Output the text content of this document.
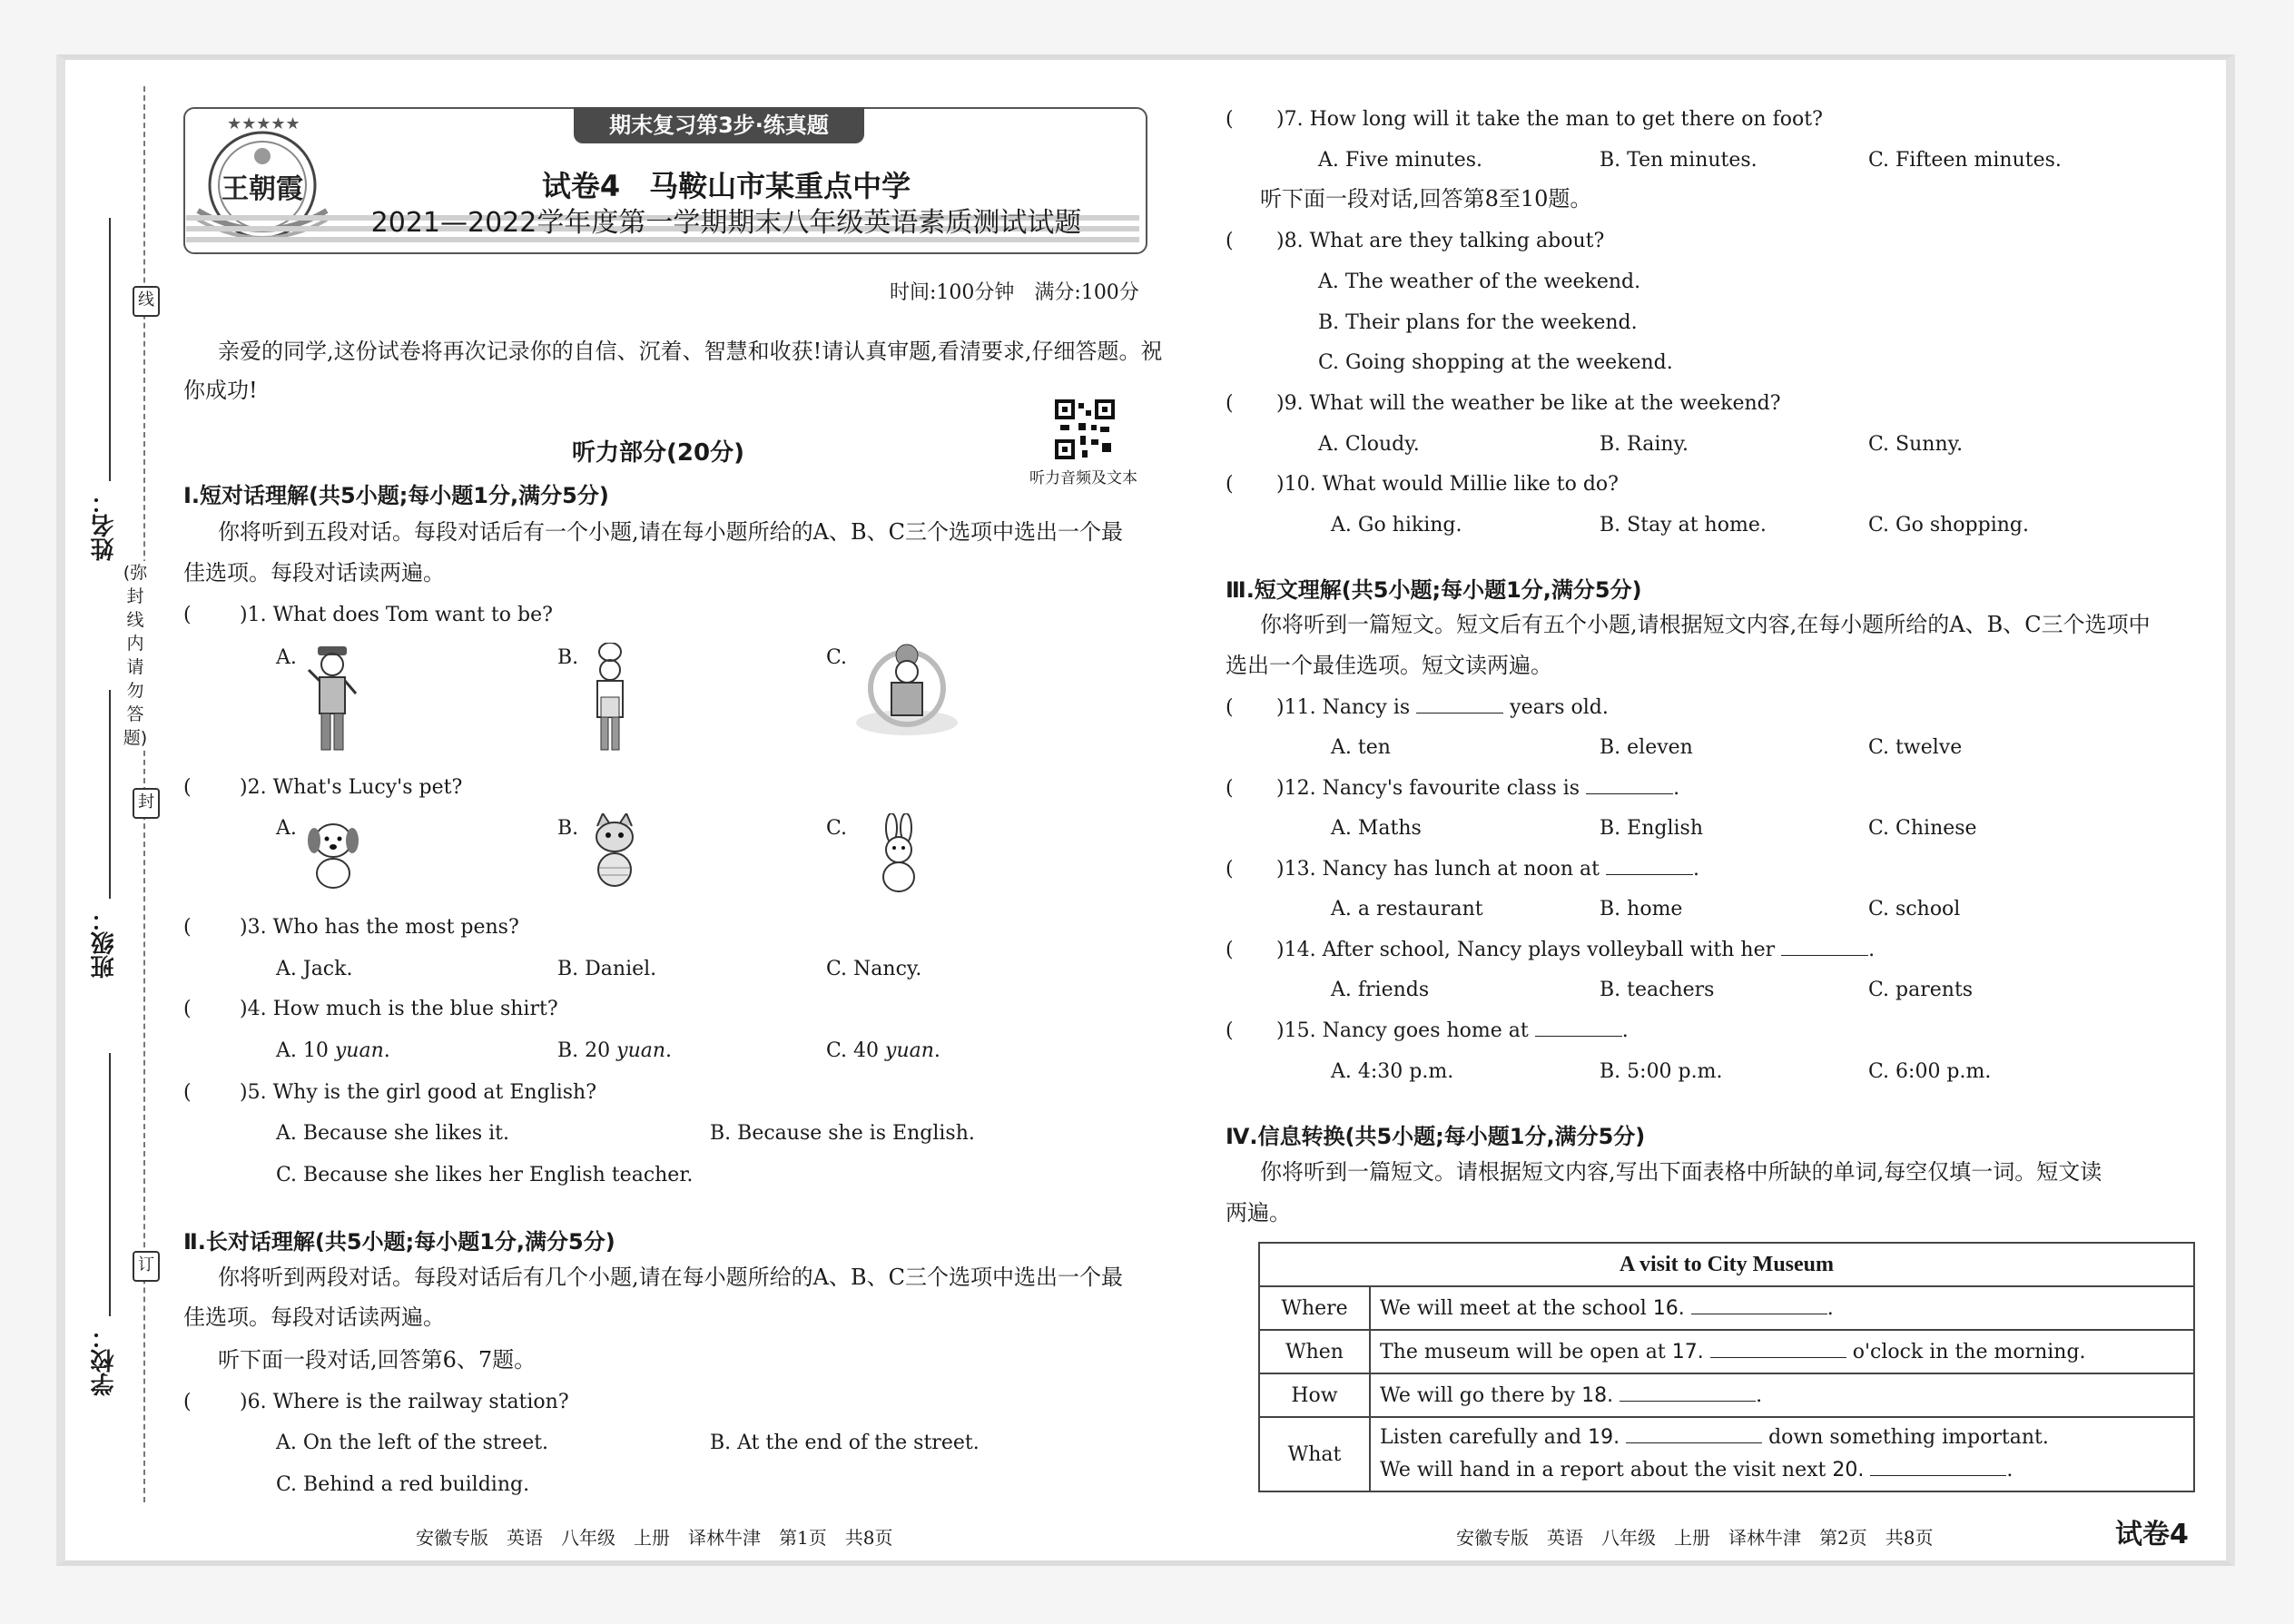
姓名：
班级：
学校：
线
封
订
(弥封线内请勿答题)
★★★★★
王朝霞
期末复习第3步·练真题
试卷4　马鞍山市某重点中学
2021—2022学年度第一学期期末八年级英语素质测试试题
时间:100分钟　满分:100分
亲爱的同学,这份试卷将再次记录你的自信、沉着、智慧和收获!请认真审题,看清要求,仔细答题。祝
你成功!
听力部分(20分)
听力音频及文本
Ⅰ.短对话理解(共5小题;每小题1分,满分5分)
你将听到五段对话。每段对话后有一个小题,请在每小题所给的A、B、C三个选项中选出一个最
佳选项。每段对话读两遍。
( )1. What does Tom want to be?
A.	B.	C.
( )2. What's Lucy's pet?
A.	B.	C.
( )3. Who has the most pens?
A. Jack.	B. Daniel.	C. Nancy.
( )4. How much is the blue shirt?
A. 10 yuan.	B. 20 yuan.	C. 40 yuan.
( )5. Why is the girl good at English?
A. Because she likes it.	B. Because she is English.
C. Because she likes her English teacher.
Ⅱ.长对话理解(共5小题;每小题1分,满分5分)
你将听到两段对话。每段对话后有几个小题,请在每小题所给的A、B、C三个选项中选出一个最
佳选项。每段对话读两遍。
听下面一段对话,回答第6、7题。
( )6. Where is the railway station?
A. On the left of the street.	B. At the end of the street.
C. Behind a red building.
( )7. How long will it take the man to get there on foot?
A. Five minutes.	B. Ten minutes.	C. Fifteen minutes.
听下面一段对话,回答第8至10题。
( )8. What are they talking about?
A. The weather of the weekend.
B. Their plans for the weekend.
C. Going shopping at the weekend.
( )9. What will the weather be like at the weekend?
A. Cloudy.	B. Rainy.	C. Sunny.
( )10. What would Millie like to do?
A. Go hiking.	B. Stay at home.	C. Go shopping.
Ⅲ.短文理解(共5小题;每小题1分,满分5分)
你将听到一篇短文。短文后有五个小题,请根据短文内容,在每小题所给的A、B、C三个选项中
选出一个最佳选项。短文读两遍。
( )11. Nancy is	years old.
A. ten	B. eleven	C. twelve
( )12. Nancy's favourite class is	.
A. Maths	B. English	C. Chinese
( )13. Nancy has lunch at noon at	.
A. a restaurant	B. home	C. school
( )14. After school, Nancy plays volleyball with her	.
A. friends	B. teachers	C. parents
( )15. Nancy goes home at	.
A. 4:30 p.m.	B. 5:00 p.m.	C. 6:00 p.m.
Ⅳ.信息转换(共5小题;每小题1分,满分5分)
你将听到一篇短文。请根据短文内容,写出下面表格中所缺的单词,每空仅填一词。短文读
两遍。
A visit to City Museum	
Where	We will meet at the school 16. .
When	The museum will be open at 17. o'clock in the morning.
How	We will go there by 18. .
What	Listen carefully and 19. down something important.
We will hand in a report about the visit next 20. .
安徽专版　英语　八年级　上册　译林牛津　第1页　共8页	安徽专版　英语　八年级　上册　译林牛津　第2页　共8页	试卷4
